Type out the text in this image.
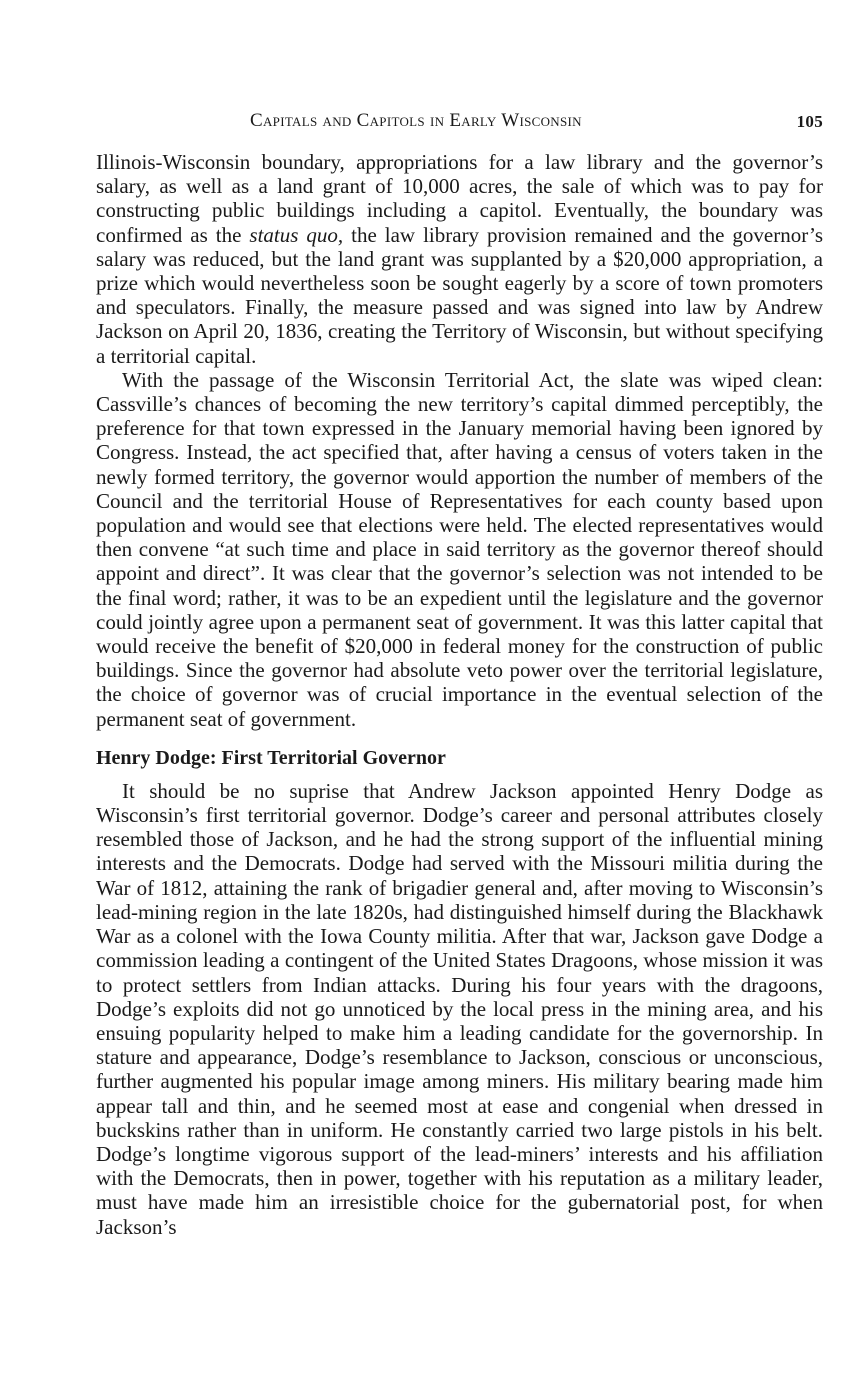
Capitals and Capitols in Early Wisconsin	105

Illinois-Wisconsin boundary, appropriations for a law library and the governor’s salary, as well as a land grant of 10,000 acres, the sale of which was to pay for constructing public buildings including a capitol. Eventually, the boundary was confirmed as the status quo, the law library provision remained and the governor’s salary was reduced, but the land grant was supplanted by a $20,000 appropriation, a prize which would nevertheless soon be sought eagerly by a score of town promoters and speculators. Finally, the measure passed and was signed into law by Andrew Jackson on April 20, 1836, creating the Territory of Wisconsin, but without specifying a territorial capital.

With the passage of the Wisconsin Territorial Act, the slate was wiped clean: Cassville’s chances of becoming the new territory’s capital dimmed perceptibly, the preference for that town expressed in the January memorial having been ignored by Congress. Instead, the act specified that, after having a census of voters taken in the newly formed territory, the governor would apportion the number of members of the Council and the territorial House of Representatives for each county based upon population and would see that elections were held. The elected representatives would then convene “at such time and place in said territory as the governor thereof should appoint and direct”. It was clear that the governor’s selection was not intended to be the final word; rather, it was to be an expedient until the legislature and the governor could jointly agree upon a permanent seat of government. It was this latter capital that would receive the benefit of $20,000 in federal money for the construction of public buildings. Since the governor had absolute veto power over the territorial legislature, the choice of governor was of crucial importance in the eventual selection of the permanent seat of government.

Henry Dodge: First Territorial Governor

It should be no suprise that Andrew Jackson appointed Henry Dodge as Wisconsin’s first territorial governor. Dodge’s career and personal attributes closely resembled those of Jackson, and he had the strong support of the influential mining interests and the Democrats. Dodge had served with the Missouri militia during the War of 1812, attaining the rank of brigadier general and, after moving to Wisconsin’s lead-mining region in the late 1820s, had distinguished himself during the Blackhawk War as a colonel with the Iowa County militia. After that war, Jackson gave Dodge a commission leading a contingent of the United States Dragoons, whose mission it was to protect settlers from Indian attacks. During his four years with the dragoons, Dodge’s exploits did not go unnoticed by the local press in the mining area, and his ensuing popularity helped to make him a leading candidate for the governorship. In stature and appearance, Dodge’s resemblance to Jackson, conscious or unconscious, further augmented his popular image among miners. His military bearing made him appear tall and thin, and he seemed most at ease and congenial when dressed in buckskins rather than in uniform. He constantly carried two large pistols in his belt. Dodge’s longtime vigorous support of the lead-miners’ interests and his affiliation with the Democrats, then in power, together with his reputation as a military leader, must have made him an irresistible choice for the gubernatorial post, for when Jackson’s
